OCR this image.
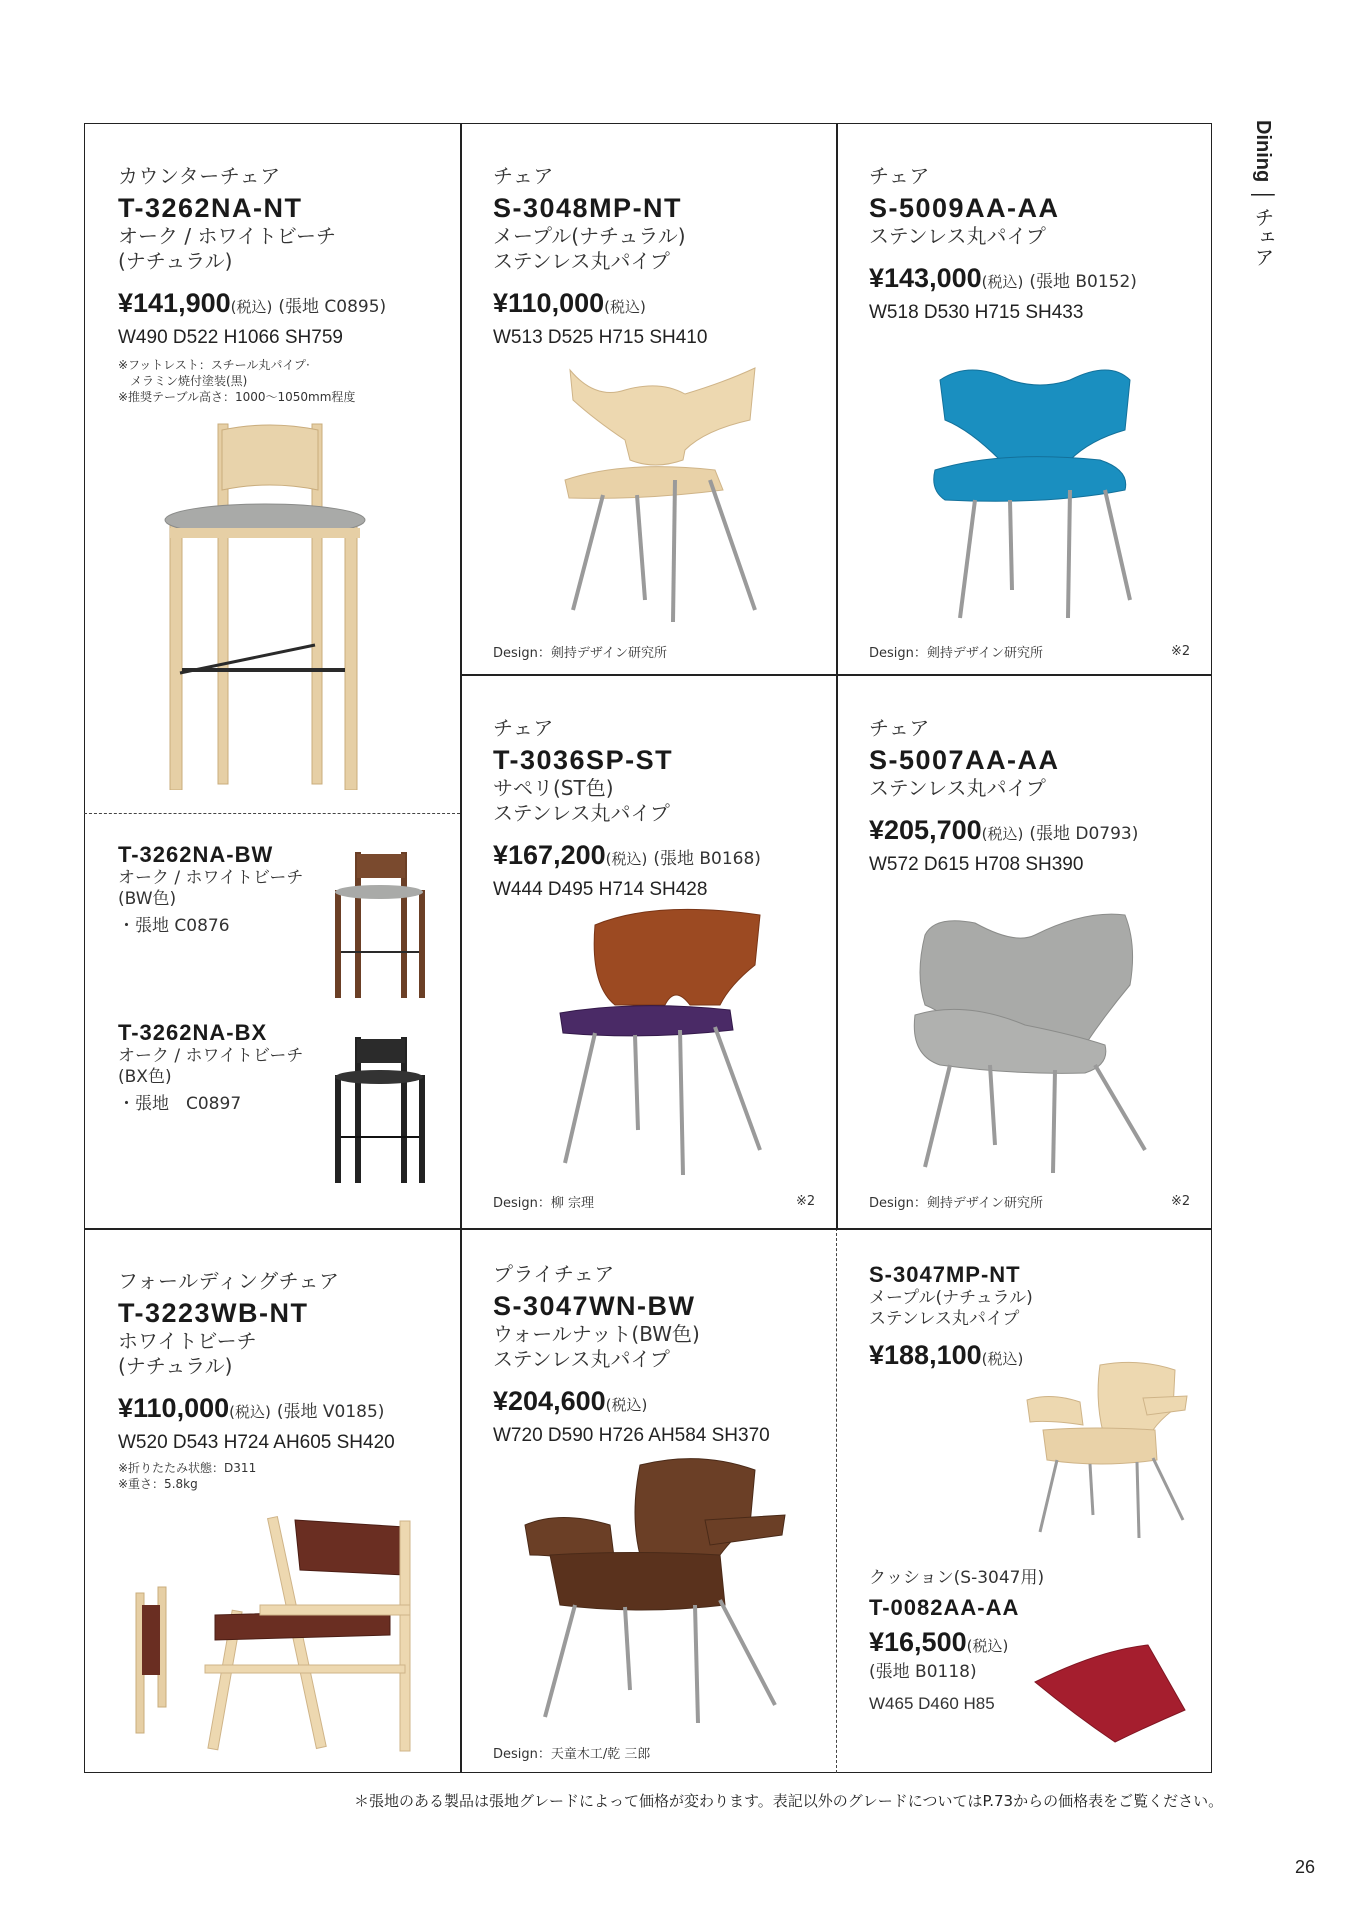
Dining │ チェア
カウンターチェア
T-3262NA-NT
オーク / ホワイトビーチ
(ナチュラル)
¥141,900(税込) (張地 C0895)
W490 D522 H1066 SH759
※フットレスト：スチール丸パイプ·
　メラミン焼付塗装(黒)
※推奨テーブル高さ：1000〜1050mm程度
T-3262NA-BW
オーク / ホワイトビーチ
(BW色)
・張地 C0876
T-3262NA-BX
オーク / ホワイトビーチ
(BX色)
・張地　C0897
チェア
S-3048MP-NT
メープル(ナチュラル)
ステンレス丸パイプ
¥110,000(税込)
W513 D525 H715 SH410
Design：剣持デザイン研究所
チェア
S-5009AA-AA
ステンレス丸パイプ
¥143,000(税込) (張地 B0152)
W518 D530 H715 SH433
Design：剣持デザイン研究所	※2
チェア
T-3036SP-ST
サペリ(ST色)
ステンレス丸パイプ
¥167,200(税込) (張地 B0168)
W444 D495 H714 SH428
Design：柳 宗理	※2
チェア
S-5007AA-AA
ステンレス丸パイプ
¥205,700(税込) (張地 D0793)
W572 D615 H708 SH390
Design：剣持デザイン研究所	※2
フォールディングチェア
T-3223WB-NT
ホワイトビーチ
(ナチュラル)
¥110,000(税込) (張地 V0185)
W520 D543 H724 AH605 SH420
※折りたたみ状態：D311
※重さ：5.8kg
プライチェア
S-3047WN-BW
ウォールナット(BW色)
ステンレス丸パイプ
¥204,600(税込)
W720 D590 H726 AH584 SH370
Design：天童木工/乾 三郎
S-3047MP-NT
メープル(ナチュラル)
ステンレス丸パイプ
¥188,100(税込)
クッション(S-3047用)
T-0082AA-AA
¥16,500(税込)
(張地 B0118)
W465 D460 H85
＊張地のある製品は張地グレードによって価格が変わります。表記以外のグレードについてはP.73からの価格表をご覧ください。
26
